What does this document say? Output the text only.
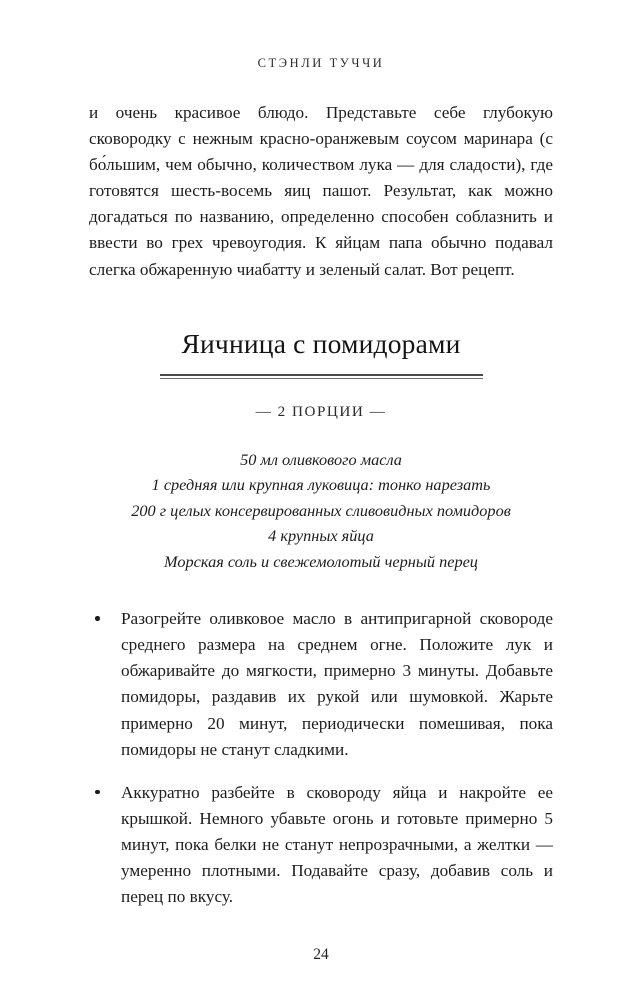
СТЭНЛИ ТУЧЧИ

и очень красивое блюдо. Представьте себе глубокую сковородку с нежным красно-оранжевым соусом маринара (с бо́льшим, чем обычно, количеством лука — для сладости), где готовятся шесть-восемь яиц пашот. Результат, как можно догадаться по названию, определенно способен соблазнить и ввести во грех чревоугодия. К яйцам папа обычно подавал слегка обжаренную чиабатту и зеленый салат. Вот рецепт.

Яичница с помидорами
— 2 ПОРЦИИ —
50 мл оливкового масла
1 средняя или крупная луковица: тонко нарезать
200 г целых консервированных сливовидных помидоров
4 крупных яйца
Морская соль и свежемолотый черный перец
Разогрейте оливковое масло в антипригарной сковороде среднего размера на среднем огне. Положите лук и обжаривайте до мягкости, примерно 3 минуты. Добавьте помидоры, раздавив их рукой или шумовкой. Жарьте примерно 20 минут, периодически помешивая, пока помидоры не станут сладкими.
Аккуратно разбейте в сковороду яйца и накройте ее крышкой. Немного убавьте огонь и готовьте примерно 5 минут, пока белки не станут непрозрачными, а желтки — умеренно плотными. Подавайте сразу, добавив соль и перец по вкусу.
24
